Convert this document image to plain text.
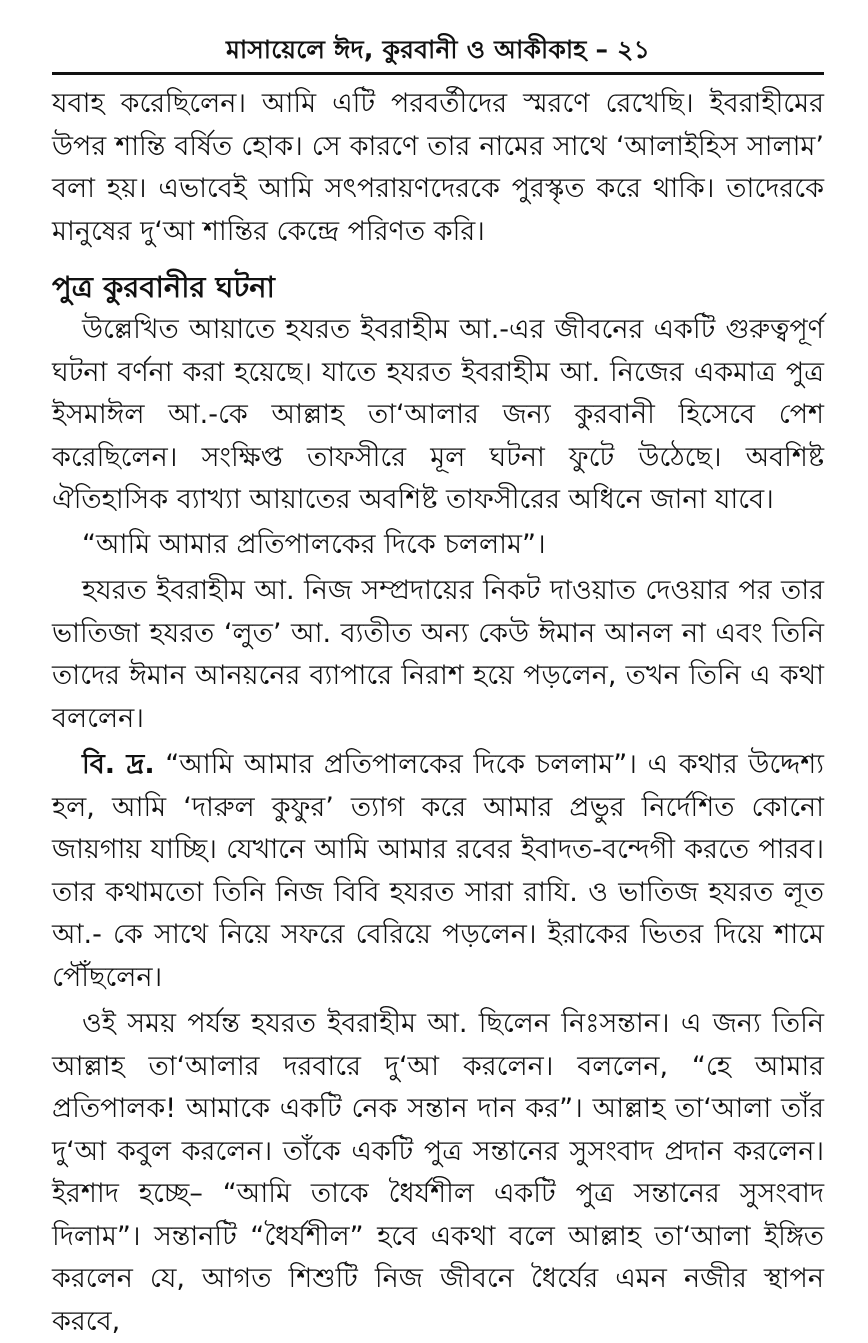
মাসায়েলে ঈদ, কুরবানী ও আকীকাহ – ২১

যবাহ করেছিলেন। আমি এটি পরবর্তীদের স্মরণে রেখেছি। ইবরাহীমের উপর শান্তি বর্ষিত হোক। সে কারণে তার নামের সাথে ‘আলাইহিস সালাম’ বলা হয়। এভাবেই আমি সৎপরায়ণদেরকে পুরস্কৃত করে থাকি। তাদেরকে মানুষের দু‘আ শান্তির কেন্দ্রে পরিণত করি।

পুত্র কুরবানীর ঘটনা

উল্লেখিত আয়াতে হযরত ইবরাহীম আ.-এর জীবনের একটি গুরুত্বপূর্ণ ঘটনা বর্ণনা করা হয়েছে। যাতে হযরত ইবরাহীম আ. নিজের একমাত্র পুত্র ইসমাঈল আ.-কে আল্লাহ তা‘আলার জন্য কুরবানী হিসেবে পেশ করেছিলেন। সংক্ষিপ্ত তাফসীরে মূল ঘটনা ফুটে উঠেছে। অবশিষ্ট ঐতিহাসিক ব্যাখ্যা আয়াতের অবশিষ্ট তাফসীরের অধিনে জানা যাবে।

“আমি আমার প্রতিপালকের দিকে চললাম”।

হযরত ইবরাহীম আ. নিজ সম্প্রদায়ের নিকট দাওয়াত দেওয়ার পর তার ভাতিজা হযরত ‘লুত’ আ. ব্যতীত অন্য কেউ ঈমান আনল না এবং তিনি তাদের ঈমান আনয়নের ব্যাপারে নিরাশ হয়ে পড়লেন, তখন তিনি এ কথা বললেন।

বি. দ্র. “আমি আমার প্রতিপালকের দিকে চললাম”। এ কথার উদ্দেশ্য হল, আমি ‘দারুল কুফুর’ ত্যাগ করে আমার প্রভুর নির্দেশিত কোনো জায়গায় যাচ্ছি। যেখানে আমি আমার রবের ইবাদত-বন্দেগী করতে পারব। তার কথামতো তিনি নিজ বিবি হযরত সারা রাযি. ও ভাতিজ হযরত লূত আ.- কে সাথে নিয়ে সফরে বেরিয়ে পড়লেন। ইরাকের ভিতর দিয়ে শামে পৌঁছলেন।

ওই সময় পর্যন্ত হযরত ইবরাহীম আ. ছিলেন নিঃসন্তান। এ জন্য তিনি আল্লাহ তা‘আলার দরবারে দু‘আ করলেন। বললেন, “হে আমার প্রতিপালক! আমাকে একটি নেক সন্তান দান কর”। আল্লাহ তা‘আলা তাঁর দু‘আ কবুল করলেন। তাঁকে একটি পুত্র সন্তানের সুসংবাদ প্রদান করলেন। ইরশাদ হচ্ছে– “আমি তাকে ধৈর্যশীল একটি পুত্র সন্তানের সুসংবাদ দিলাম”। সন্তানটি “ধৈর্যশীল” হবে একথা বলে আল্লাহ তা‘আলা ইঙ্গিত করলেন যে, আগত শিশুটি নিজ জীবনে ধৈর্যের এমন নজীর স্থাপন করবে,
